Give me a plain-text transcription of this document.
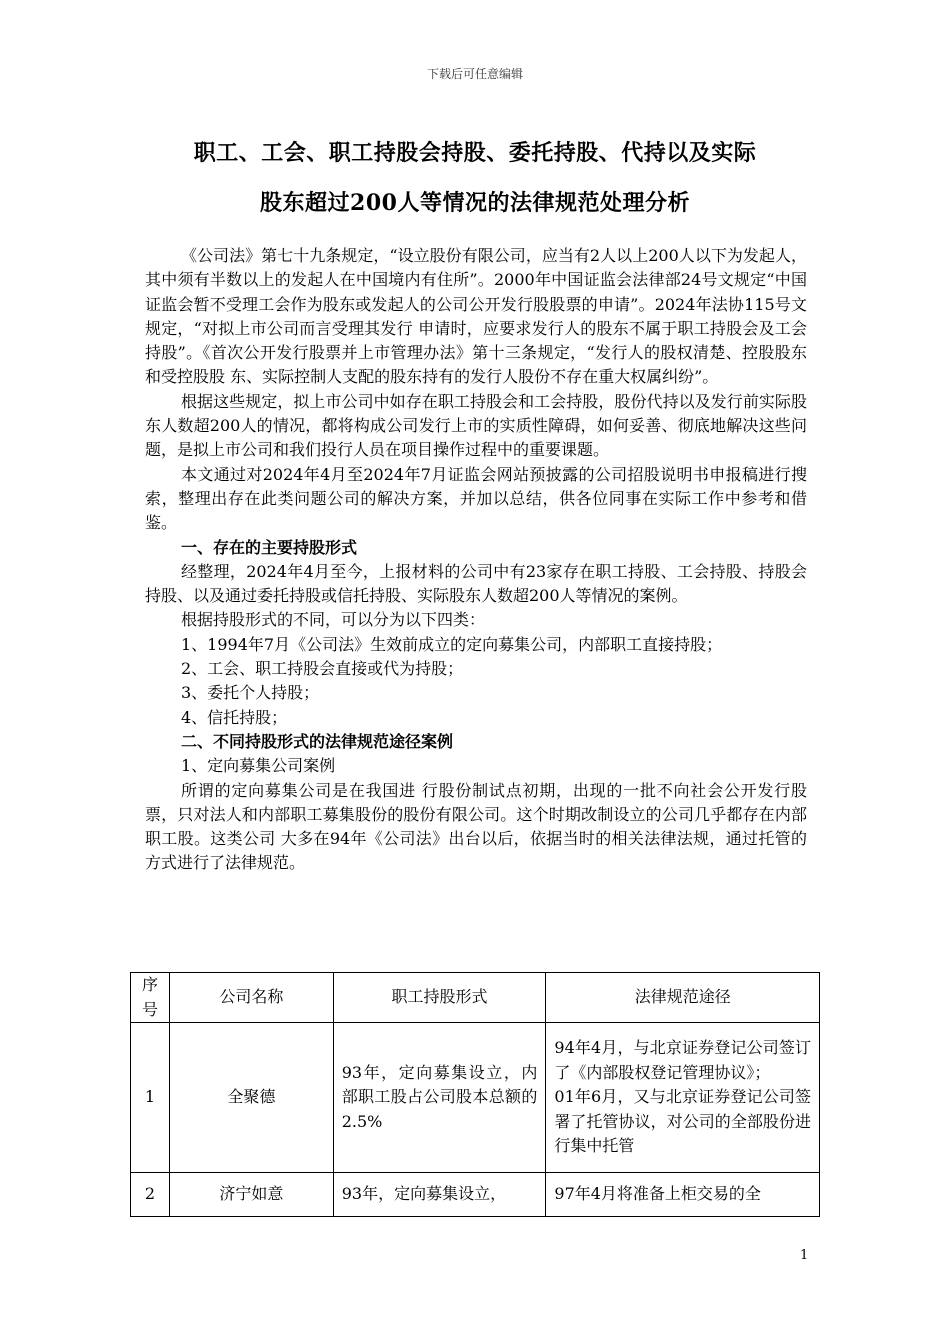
下载后可任意编辑
职工、工会、职工持股会持股、委托持股、代持以及实际
股东超过200人等情况的法律规范处理分析

《公司法》第七十九条规定，“设立股份有限公司，应当有2人以上200人以下为发起人，其中须有半数以上的发起人在中国境内有住所”。2000年中国证监会法律部24号文规定“中国证监会暂不受理工会作为股东或发起人的公司公开发行股股票的申请”。2024年法协115号文规定，“对拟上市公司而言受理其发行 申请时，应要求发行人的股东不属于职工持股会及工会持股”。《首次公开发行股票并上市管理办法》第十三条规定，“发行人的股权清楚、控股股东和受控股股 东、实际控制人支配的股东持有的发行人股份不存在重大权属纠纷”。

根据这些规定，拟上市公司中如存在职工持股会和工会持股，股份代持以及发行前实际股东人数超200人的情况，都将构成公司发行上市的实质性障碍，如何妥善、彻底地解决这些问题，是拟上市公司和我们投行人员在项目操作过程中的重要课题。

本文通过对2024年4月至2024年7月证监会网站预披露的公司招股说明书申报稿进行搜索，整理出存在此类问题公司的解决方案，并加以总结，供各位同事在实际工作中参考和借鉴。

一、存在的主要持股形式

经整理，2024年4月至今，上报材料的公司中有23家存在职工持股、工会持股、持股会持股、以及通过委托持股或信托持股、实际股东人数超200人等情况的案例。

根据持股形式的不同，可以分为以下四类：

1、1994年7月《公司法》生效前成立的定向募集公司，内部职工直接持股；

2、工会、职工持股会直接或代为持股；

3、委托个人持股；

4、信托持股；

二、不同持股形式的法律规范途径案例

1、定向募集公司案例

所谓的定向募集公司是在我国进 行股份制试点初期，出现的一批不向社会公开发行股票，只对法人和内部职工募集股份的股份有限公司。这个时期改制设立的公司几乎都存在内部职工股。这类公司 大多在94年《公司法》出台以后，依据当时的相关法律法规，通过托管的方式进行了法律规范。

序号	公司名称	职工持股形式	法律规范途径
1	全聚德	93年，定向募集设立，内部职工股占公司股本总额的2.5%	94年4月，与北京证券登记公司签订了《内部股权登记管理协议》；
01年6月，又与北京证券登记公司签署了托管协议，对公司的全部股份进行集中托管

2	济宁如意	93年，定向募集设立，	97年4月将准备上柜交易的全
1
